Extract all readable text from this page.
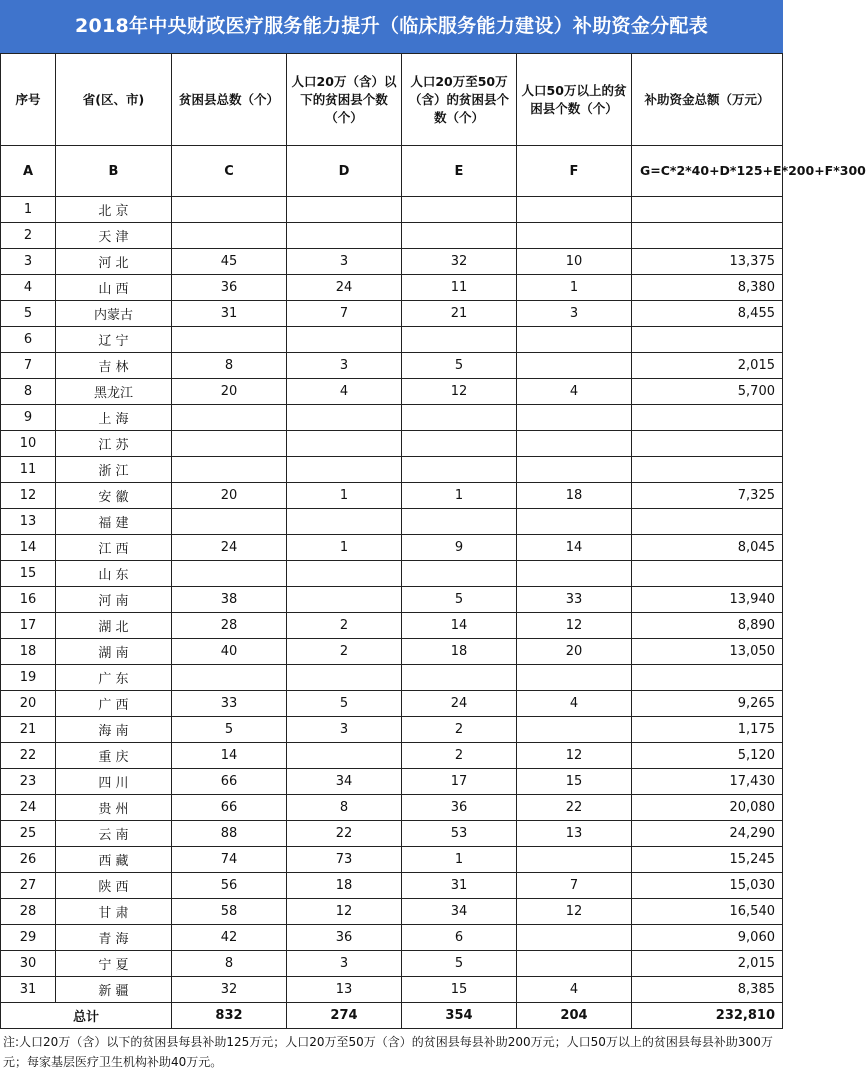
2018年中央财政医疗服务能力提升（临床服务能力建设）补助资金分配表
序号	省(区、市)	贫困县总数（个）	人口20万（含）以下的贫困县个数（个）	人口20万至50万（含）的贫困县个数（个）	人口50万以上的贫困县个数（个）	补助资金总额（万元）

A	B	C	D	E	F	G=C*2*40+D*125+E*200+F*300
1	北 京					
2	天 津					
3	河 北	45	3	32	10	13,375
4	山 西	36	24	11	1	8,380
5	内蒙古	31	7	21	3	8,455
6	辽 宁					
7	吉 林	8	3	5		2,015
8	黑龙江	20	4	12	4	5,700
9	上 海					
10	江 苏					
11	浙 江					
12	安 徽	20	1	1	18	7,325
13	福 建					
14	江 西	24	1	9	14	8,045
15	山 东					
16	河 南	38		5	33	13,940
17	湖 北	28	2	14	12	8,890
18	湖 南	40	2	18	20	13,050
19	广 东					
20	广 西	33	5	24	4	9,265
21	海 南	5	3	2		1,175
22	重 庆	14		2	12	5,120
23	四 川	66	34	17	15	17,430
24	贵 州	66	8	36	22	20,080
25	云 南	88	22	53	13	24,290
26	西 藏	74	73	1		15,245
27	陕 西	56	18	31	7	15,030
28	甘 肃	58	12	34	12	16,540
29	青 海	42	36	6		9,060
30	宁 夏	8	3	5		2,015
31	新 疆	32	13	15	4	8,385
总计		832	274	354	204	232,810
注:人口20万（含）以下的贫困县每县补助125万元；人口20万至50万（含）的贫困县每县补助200万元；人口50万以上的贫困县每县补助300万元；每家基层医疗卫生机构补助40万元。
